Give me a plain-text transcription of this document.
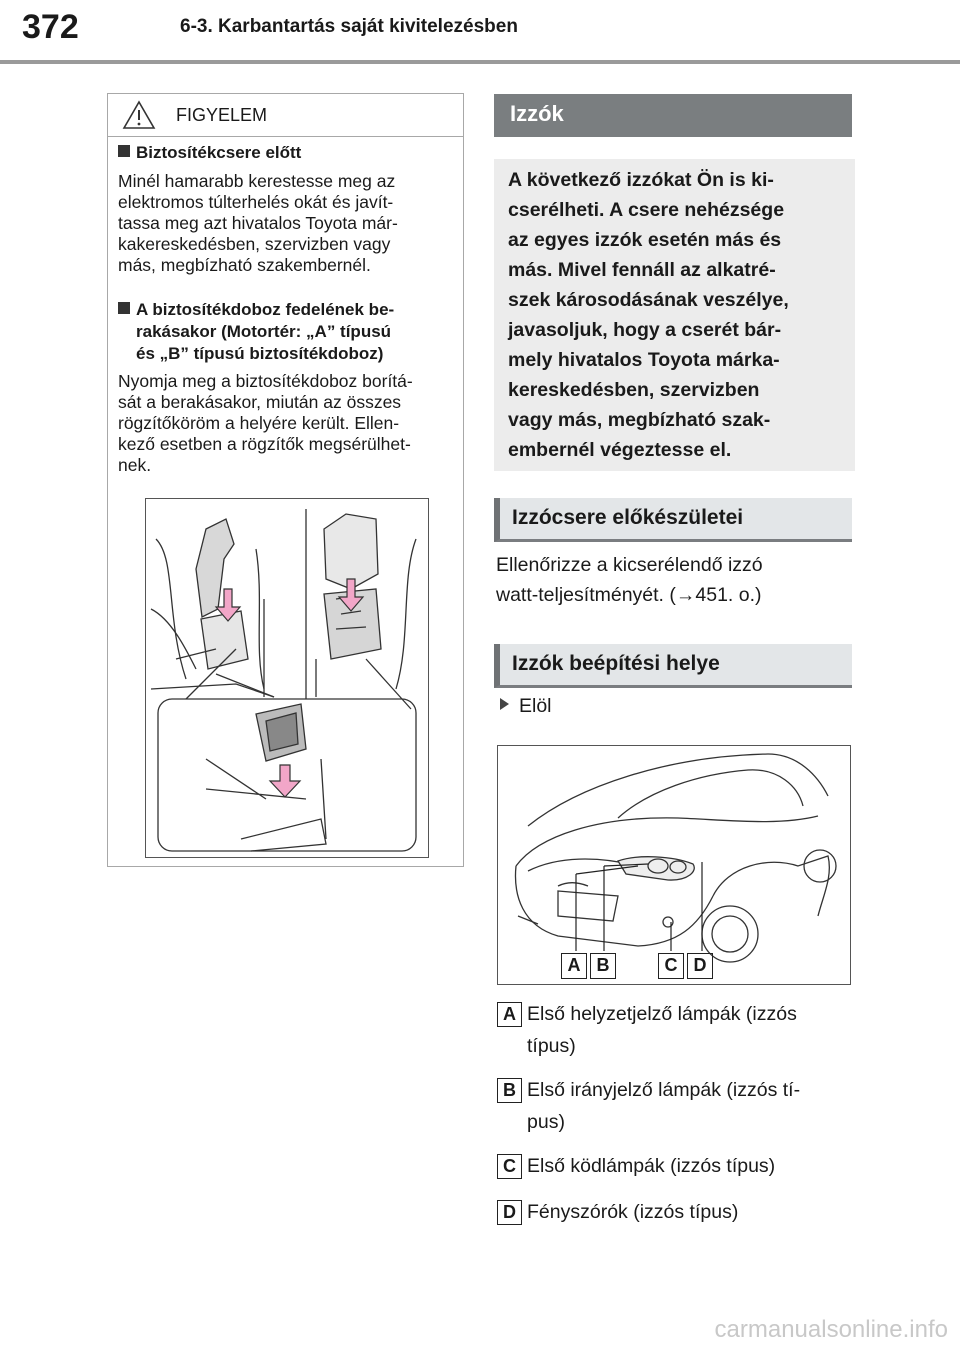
372	6-3. Karbantartás saját kivitelezésben
FIGYELEM
Biztosítékcsere előtt
Minél hamarabb kerestesse meg az
elektromos túlterhelés okát és javít-
tassa meg azt hivatalos Toyota már-
kakereskedésben, szervizben vagy
más, megbízható szakembernél.
A biztosítékdoboz fedelének be-
rakásakor (Motortér: „A” típusú
és „B” típusú biztosítékdoboz)
Nyomja meg a biztosítékdoboz borítá-
sát a berakásakor, miután az összes
rögzítőköröm a helyére került. Ellen-
kező esetben a rögzítők megsérülhet-
nek.
Izzók
A következő izzókat Ön is ki-
cserélheti. A csere nehézsége
az egyes izzók esetén más és
más. Mivel fennáll az alkatré-
szek károsodásának veszélye,
javasoljuk, hogy a cserét bár-
mely hivatalos Toyota márka-
kereskedésben, szervizben
vagy más, megbízható szak-
embernél végeztesse el.
Izzócsere előkészületei
Ellenőrizze a kicserélendő izzó
watt-teljesítményét. (→451. o.)
Izzók beépítési helye
Elöl
A B	C D
A Első helyzetjelző lámpák (izzós
típus)
B Első irányjelző lámpák (izzós tí-
pus)
C Első ködlámpák (izzós típus)
D Fényszórók (izzós típus)
carmanualsonline.info
